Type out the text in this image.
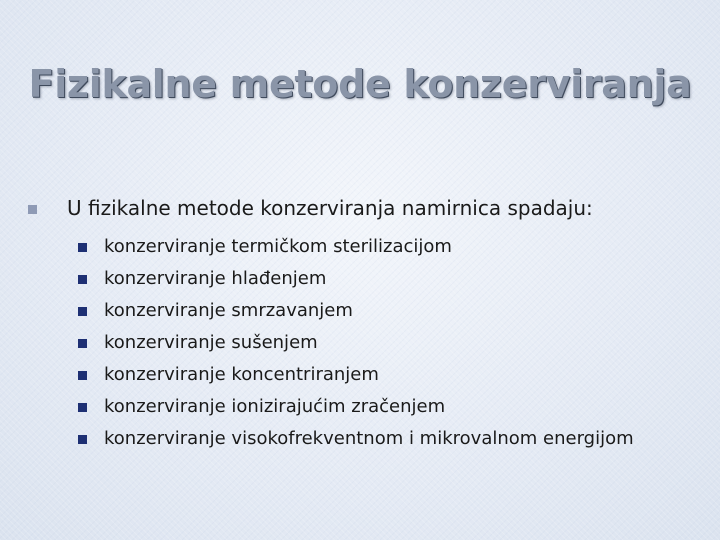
Fizikalne metode konzerviranja
U fizikalne metode konzerviranja namirnica spadaju:
konzerviranje termičkom sterilizacijom
konzerviranje hlađenjem
konzerviranje smrzavanjem
konzerviranje sušenjem
konzerviranje koncentriranjem
konzerviranje ionizirajućim zračenjem
konzerviranje visokofrekventnom i mikrovalnom energijom
